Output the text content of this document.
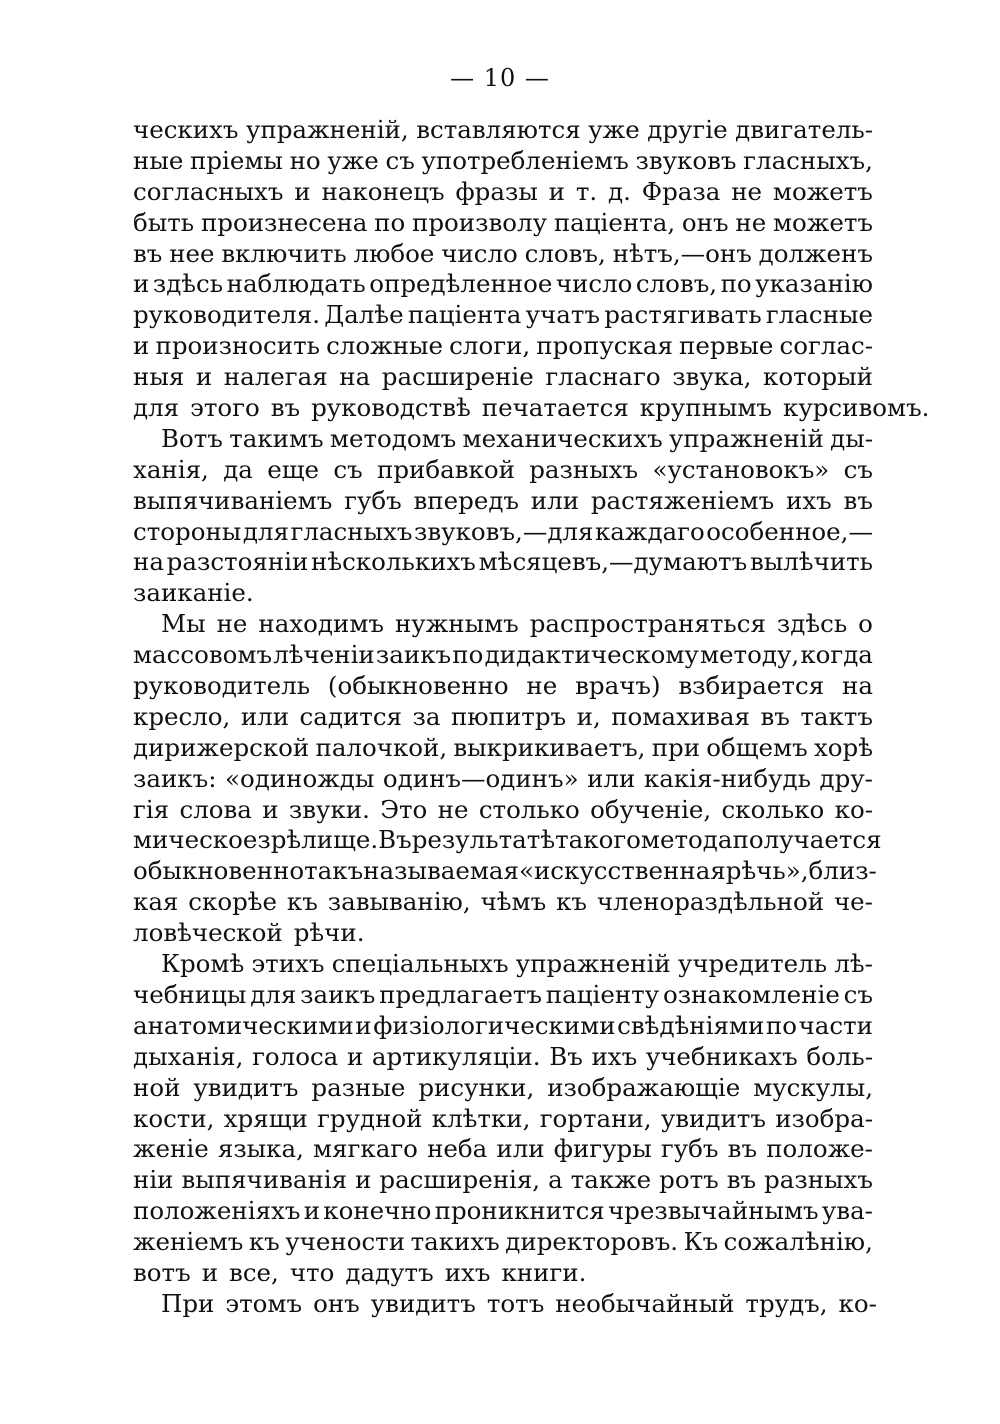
— 10 —
ческихъ упражненій, вставляются уже другіе двигатель-
ные пріемы но уже съ употребленіемъ звуковъ гласныхъ,
согласныхъ и наконецъ фразы и т. д. Фраза не можетъ
быть произнесена по произволу пацiента, онъ не можетъ
въ нее включить любое число словъ, нѣтъ,—онъ долженъ
и здѣсь наблюдать опредѣленное число словъ, по указанiю
руководителя. Далѣе пацiента учатъ растягивать гласные
и произносить сложные слоги, пропуская первые соглас-
ныя и налегая на расширенiе гласнаго звука, который
для этого въ руководствѣ печатается крупнымъ курсивомъ.
Вотъ такимъ методомъ механическихъ упражненій ды-
ханія, да еще съ прибавкой разныхъ «установокъ» съ
выпячиваніемъ губъ впередъ или растяженіемъ ихъ въ
стороны для гласныхъ звуковъ,—для каждаго особенное,—
на разстояніи нѣсколькихъ мѣсяцевъ,—думаютъ вылѣчить
заиканіе.
Мы не находимъ нужнымъ распространяться здѣсь о
массовомъ лѣченіи заикъ по дидактическому методу, когда
руководитель (обыкновенно не врачъ) взбирается на
кресло, или садится за пюпитръ и, помахивая въ тактъ
дирижерской палочкой, выкрикиваетъ, при общемъ хорѣ
заикъ: «одиножды одинъ—одинъ» или какія-нибудь дру-
гія слова и звуки. Это не столько обученіе, сколько ко-
мическое зрѣлище. Въ результатѣ такого метода получается
обыкновенно такъ называемая «искусственная рѣчь», близ-
кая скорѣе къ завыванію, чѣмъ къ членораздѣльной че-
ловѣческой рѣчи.
Кромѣ этихъ спеціальныхъ упражненій учредитель лѣ-
чебницы для заикъ предлагаетъ пацiенту ознакомленiе съ
анатомическими и физiологическими свѣдѣнiями по части
дыханiя, голоса и артикуляцiи. Въ ихъ учебникахъ боль-
ной увидитъ разные рисунки, изображающiе мускулы,
кости, хрящи грудной клѣтки, гортани, увидитъ изобра-
женiе языка, мягкаго неба или фигуры губъ въ положе-
нiи выпячиванiя и расширенiя, а также ротъ въ разныхъ
положенiяхъ и конечно проникнится чрезвычайнымъ ува-
женiемъ къ учености такихъ директоровъ. Къ сожалѣнiю,
вотъ и все, что дадутъ ихъ книги.
При этомъ онъ увидитъ тотъ необычайный трудъ, ко-
